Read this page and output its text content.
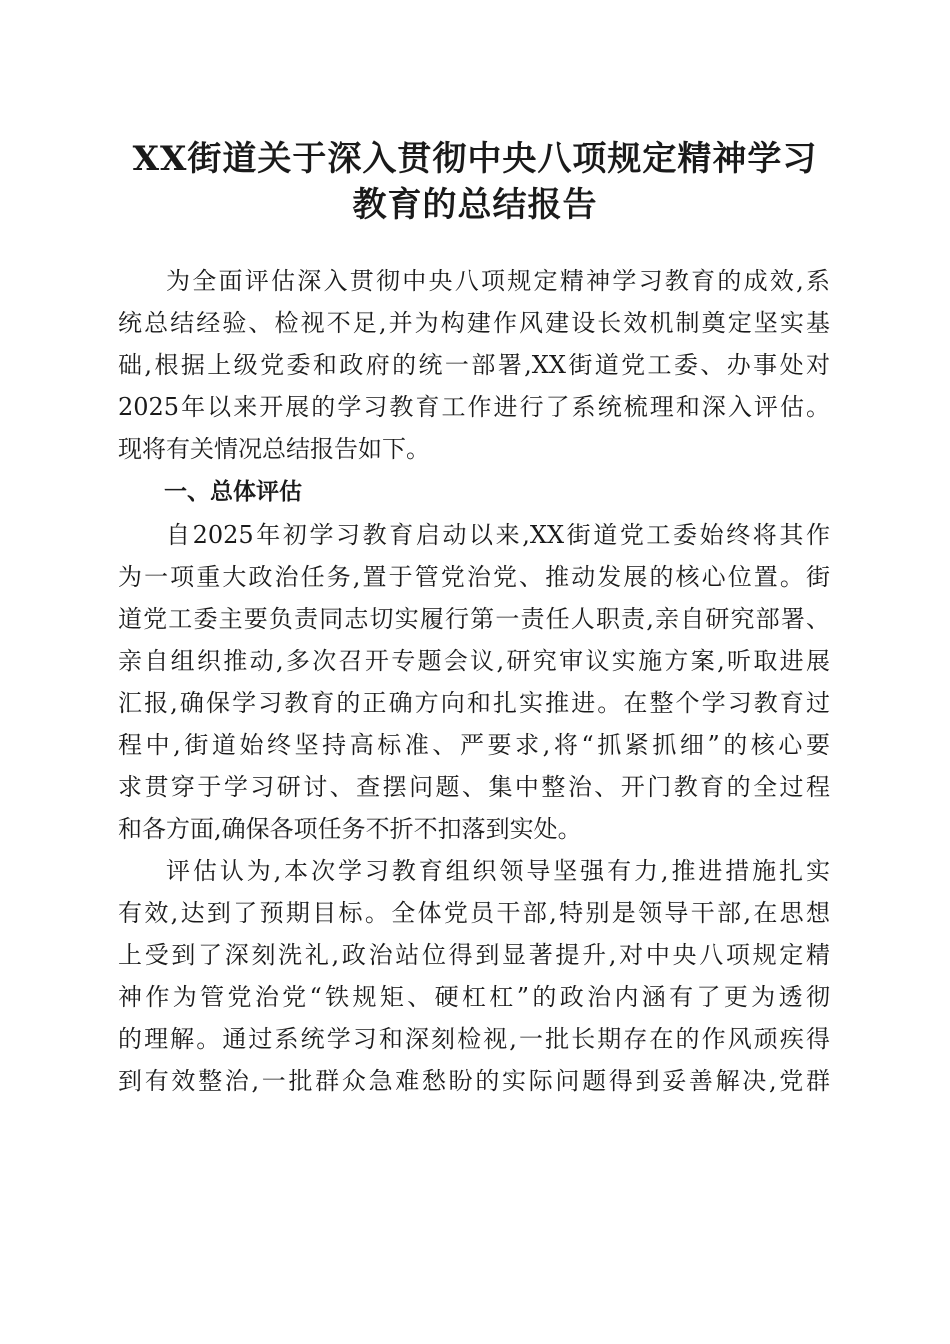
XX街道关于深入贯彻中央八项规定精神学习
教育的总结报告

为全面评估深入贯彻中央八项规定精神学习教育的成效,系
统总结经验、检视不足,并为构建作风建设长效机制奠定坚实基
础,根据上级党委和政府的统一部署,XX街道党工委、办事处对
2025年以来开展的学习教育工作进行了系统梳理和深入评估。
现将有关情况总结报告如下。

一、总体评估

自2025年初学习教育启动以来,XX街道党工委始终将其作
为一项重大政治任务,置于管党治党、推动发展的核心位置。街
道党工委主要负责同志切实履行第一责任人职责,亲自研究部署、
亲自组织推动,多次召开专题会议,研究审议实施方案,听取进展
汇报,确保学习教育的正确方向和扎实推进。在整个学习教育过
程中,街道始终坚持高标准、严要求,将“抓紧抓细”的核心要
求贯穿于学习研讨、查摆问题、集中整治、开门教育的全过程
和各方面,确保各项任务不折不扣落到实处。

评估认为,本次学习教育组织领导坚强有力,推进措施扎实
有效,达到了预期目标。全体党员干部,特别是领导干部,在思想
上受到了深刻洗礼,政治站位得到显著提升,对中央八项规定精
神作为管党治党“铁规矩、硬杠杠”的政治内涵有了更为透彻
的理解。通过系统学习和深刻检视,一批长期存在的作风顽疾得
到有效整治,一批群众急难愁盼的实际问题得到妥善解决,党群
